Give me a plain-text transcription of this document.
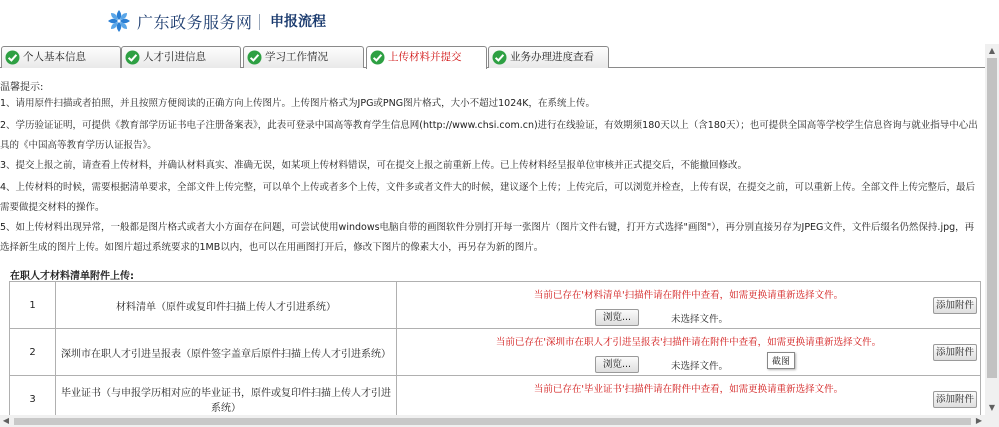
广东政务服务网 申报流程
个人基本信息	人才引进信息	学习工作情况	上传材料并提交	业务办理进度查看
温馨提示:
1、请用原件扫描或者拍照，并且按照方便阅读的正确方向上传图片。上传图片格式为JPG或PNG图片格式，大小不超过1024K，在系统上传。
2、学历验证证明，可提供《教育部学历证书电子注册备案表》，此表可登录中国高等教育学生信息网(http://www.chsi.com.cn)进行在线验证，有效期须180天以上（含180天）；也可提供全国高等学校学生信息咨询与就业指导中心出具的《中国高等教育学历认证报告》。
3、提交上报之前，请查看上传材料，并确认材料真实、准确无误，如某项上传材料错误，可在提交上报之前重新上传。已上传材料经呈报单位审核并正式提交后，不能撤回修改。
4、上传材料的时候，需要根据清单要求，全部文件上传完整，可以单个上传或者多个上传，文件多或者文件大的时候，建议逐个上传；上传完后，可以浏览并检查，上传有误，在提交之前，可以重新上传。全部文件上传完整后，最后需要做提交材料的操作。
5、如上传材料出现异常，一般都是图片格式或者大小方面存在问题，可尝试使用windows电脑自带的画图软件分别打开每一张图片（图片文件右键，打开方式选择"画图"），再分别直接另存为JPEG文件，文件后缀名仍然保持.jpg，再选择新生成的图片上传。如图片超过系统要求的1MB以内，也可以在用画图打开后，修改下图片的像素大小，再另存为新的图片。
在职人才材料清单附件上传:
1	材料清单（原件或复印件扫描上传人才引进系统）	当前已存在'材料清单'扫描件请在附件中查看，如需更换请重新选择文件。
浏览... 未选择文件。
添加附件

2	深圳市在职人才引进呈报表（原件签字盖章后原件扫描上传人才引进系统）	当前已存在'深圳市在职人才引进呈报表'扫描件请在附件中查看，如需更换请重新选择文件。
浏览... 未选择文件。 截图
添加附件

3	毕业证书（与申报学历相对应的毕业证书，原件或复印件扫描上传人才引进系统）	当前已存在'毕业证书'扫描件请在附件中查看，如需更换请重新选择文件。
添加附件
▲
▼
◀	▶
